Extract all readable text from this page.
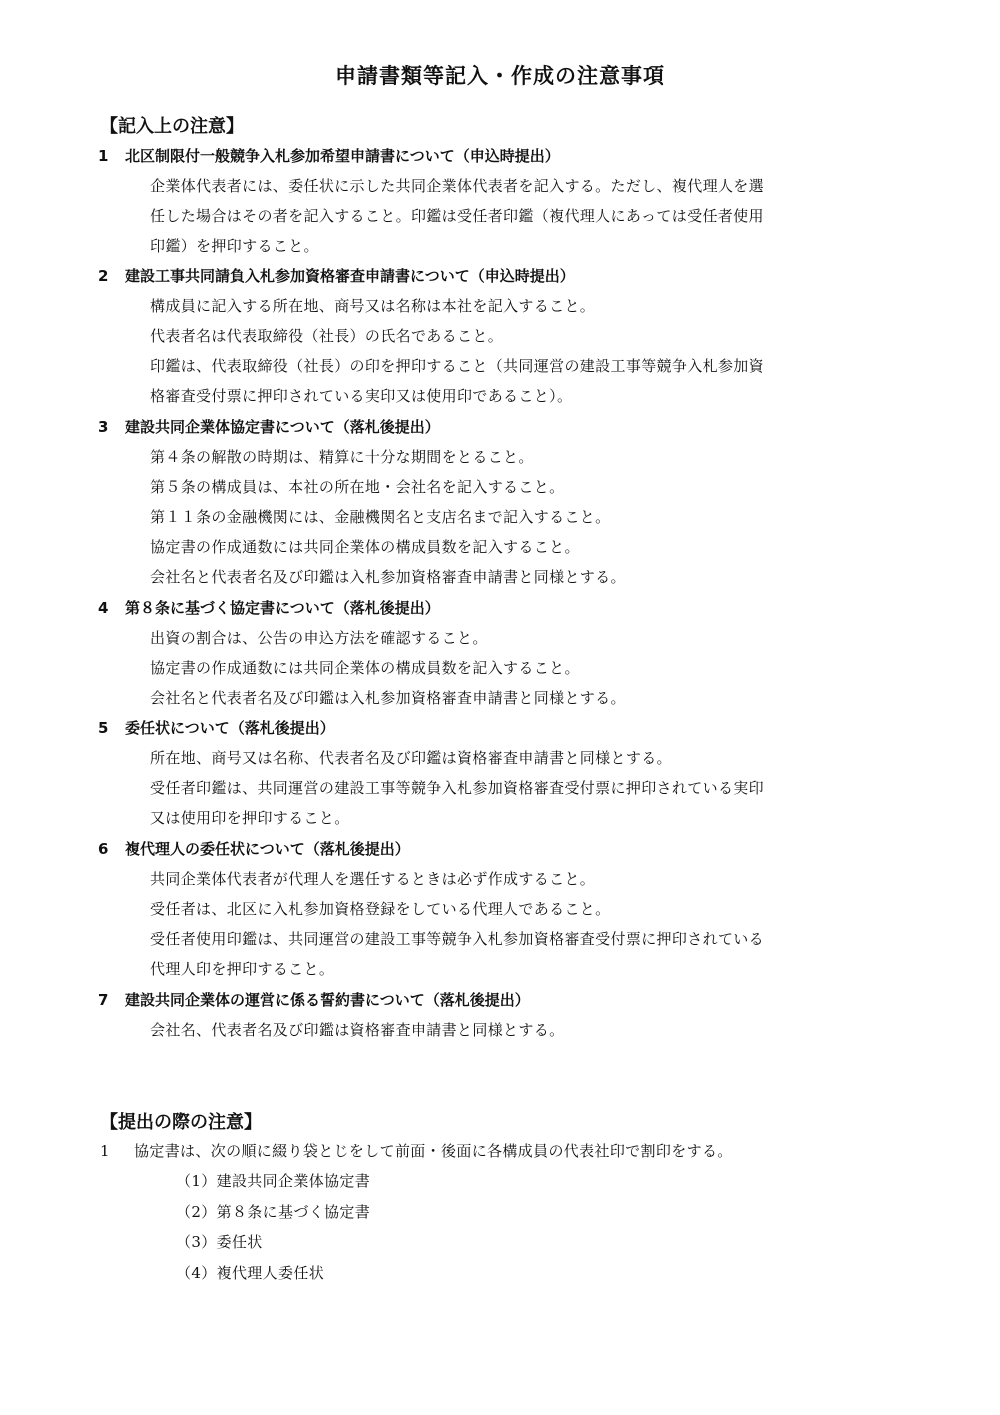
申請書類等記入・作成の注意事項
【記入上の注意】
1 北区制限付一般競争入札参加希望申請書について（申込時提出）
企業体代表者には、委任状に示した共同企業体代表者を記入する。ただし、複代理人を選
任した場合はその者を記入すること。印鑑は受任者印鑑（複代理人にあっては受任者使用
印鑑）を押印すること。
2 建設工事共同請負入札参加資格審査申請書について（申込時提出）
構成員に記入する所在地、商号又は名称は本社を記入すること。
代表者名は代表取締役（社長）の氏名であること。
印鑑は、代表取締役（社長）の印を押印すること（共同運営の建設工事等競争入札参加資
格審査受付票に押印されている実印又は使用印であること）。
3 建設共同企業体協定書について（落札後提出）
第４条の解散の時期は、精算に十分な期間をとること。
第５条の構成員は、本社の所在地・会社名を記入すること。
第１１条の金融機関には、金融機関名と支店名まで記入すること。
協定書の作成通数には共同企業体の構成員数を記入すること。
会社名と代表者名及び印鑑は入札参加資格審査申請書と同様とする。
4 第８条に基づく協定書について（落札後提出）
出資の割合は、公告の申込方法を確認すること。
協定書の作成通数には共同企業体の構成員数を記入すること。
会社名と代表者名及び印鑑は入札参加資格審査申請書と同様とする。
5 委任状について（落札後提出）
所在地、商号又は名称、代表者名及び印鑑は資格審査申請書と同様とする。
受任者印鑑は、共同運営の建設工事等競争入札参加資格審査受付票に押印されている実印
又は使用印を押印すること。
6 複代理人の委任状について（落札後提出）
共同企業体代表者が代理人を選任するときは必ず作成すること。
受任者は、北区に入札参加資格登録をしている代理人であること。
受任者使用印鑑は、共同運営の建設工事等競争入札参加資格審査受付票に押印されている
代理人印を押印すること。
7 建設共同企業体の運営に係る誓約書について（落札後提出）
会社名、代表者名及び印鑑は資格審査申請書と同様とする。
【提出の際の注意】
1 協定書は、次の順に綴り袋とじをして前面・後面に各構成員の代表社印で割印をする。
（1）建設共同企業体協定書
（2）第８条に基づく協定書
（3）委任状
（4）複代理人委任状
